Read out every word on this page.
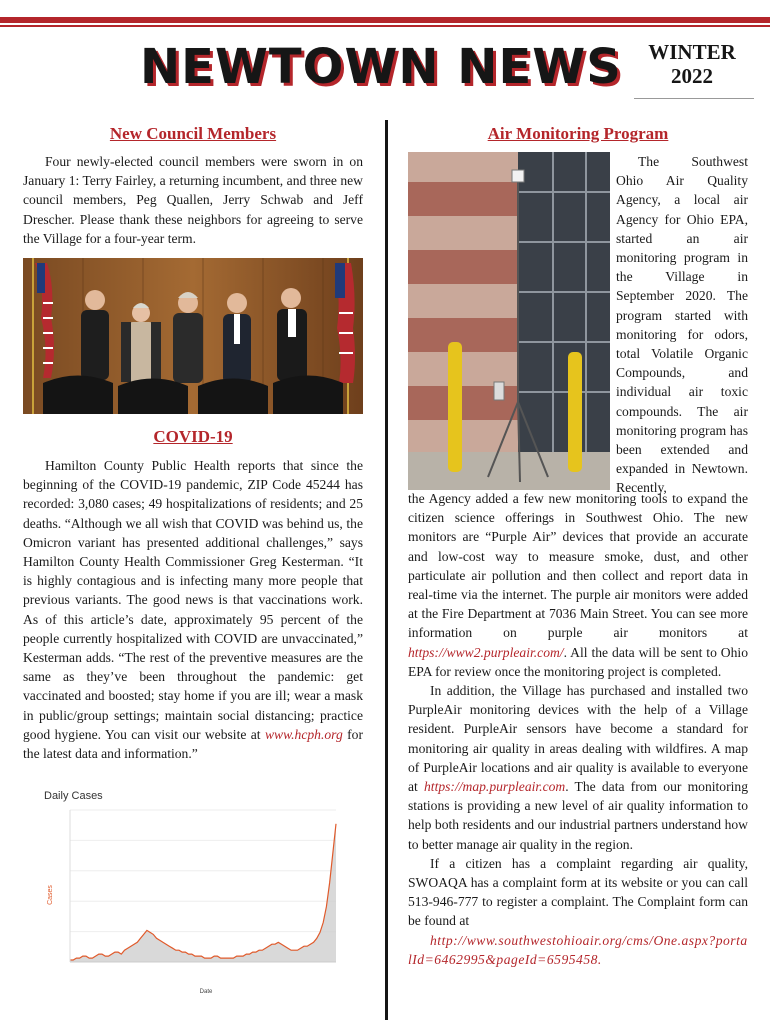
NEWTOWN NEWS	WINTER
2022
New Council Members

Four newly-elected council members were sworn in on January 1: Terry Fairley, a returning incumbent, and three new council members, Peg Quallen, Jerry Schwab and Jeff Drescher. Please thank these neighbors for agreeing to serve the Village for a four-year term.

COVID-19

Hamilton County Public Health reports that since the beginning of the COVID-19 pandemic, ZIP Code 45244 has recorded: 3,080 cases; 49 hospitalizations of residents; and 25 deaths. “Although we all wish that COVID was behind us, the Omicron variant has presented additional challenges,” says Hamilton County Health Commissioner Greg Kesterman. “It is highly contagious and is infecting many more people that previous variants. The good news is that vaccinations work. As of this article’s date, approximately 95 percent of the people currently hospitalized with COVID are unvaccinated,” Kesterman adds. “The rest of the preventive measures are the same as they’ve been throughout the pandemic: get vaccinated and boosted; stay home if you are ill; wear a mask in public/group settings; maintain social distancing; practice good hygiene. You can visit our website at www.hcph.org for the latest data and information.”

Daily Cases
Cases
Date
Air Monitoring Program

The Southwest Ohio Air Quality Agency, a local air Agency for Ohio EPA, started an air monitoring program in the Village in September 2020. The program started with monitoring for odors, total Volatile Organic Compounds, and individual air toxic compounds. The air monitoring program has been extended and expanded in Newtown. Recently,

the Agency added a few new monitoring tools to expand the citizen science offerings in Southwest Ohio. The new monitors are “Purple Air” devices that provide an accurate and low-cost way to measure smoke, dust, and other particulate air pollution and then collect and report data in real-time via the internet. The purple air monitors were added at the Fire Department at 7036 Main Street. You can see more information on purple air monitors at https://www2.purpleair.com/. All the data will be sent to Ohio EPA for review once the monitoring project is completed.

In addition, the Village has purchased and installed two PurpleAir monitoring devices with the help of a Village resident. PurpleAir sensors have become a standard for monitoring air quality in areas dealing with wildfires. A map of PurpleAir locations and air quality is available to everyone at https://map.purpleair.com. The data from our monitoring stations is providing a new level of air quality information to help both residents and our industrial partners understand how to better manage air quality in the region.

If a citizen has a complaint regarding air quality, SWOAQA has a complaint form at its website or you can call 513-946-777 to register a complaint. The Complaint form can be found at

http://www.southwestohioair.org/cms/One.aspx?portalId=6462995&pageId=6595458.
